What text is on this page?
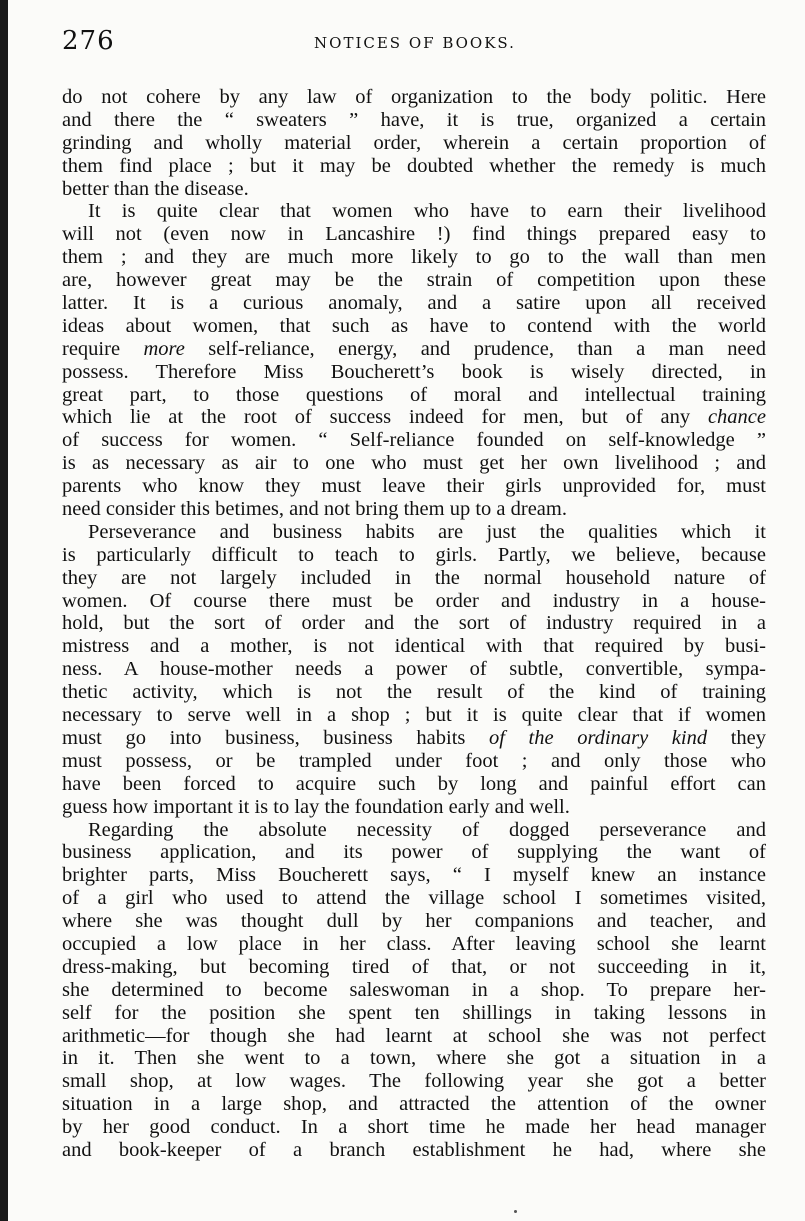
276	NOTICES OF BOOKS.
do not cohere by any law of organization to the body politic. Here
and there the “ sweaters ” have, it is true, organized a certain
grinding and wholly material order, wherein a certain proportion of
them find place ; but it may be doubted whether the remedy is much
better than the disease.
It is quite clear that women who have to earn their livelihood
will not (even now in Lancashire !) find things prepared easy to
them ; and they are much more likely to go to the wall than men
are, however great may be the strain of competition upon these
latter. It is a curious anomaly, and a satire upon all received
ideas about women, that such as have to contend with the world
require more self-reliance, energy, and prudence, than a man need
possess. Therefore Miss Boucherett’s book is wisely directed, in
great part, to those questions of moral and intellectual training
which lie at the root of success indeed for men, but of any chance
of success for women. “ Self-reliance founded on self-knowledge ”
is as necessary as air to one who must get her own livelihood ; and
parents who know they must leave their girls unprovided for, must
need consider this betimes, and not bring them up to a dream.
Perseverance and business habits are just the qualities which it
is particularly difficult to teach to girls. Partly, we believe, because
they are not largely included in the normal household nature of
women. Of course there must be order and industry in a house-
hold, but the sort of order and the sort of industry required in a
mistress and a mother, is not identical with that required by busi-
ness. A house-mother needs a power of subtle, convertible, sympa-
thetic activity, which is not the result of the kind of training
necessary to serve well in a shop ; but it is quite clear that if women
must go into business, business habits of the ordinary kind they
must possess, or be trampled under foot ; and only those who
have been forced to acquire such by long and painful effort can
guess how important it is to lay the foundation early and well.
Regarding the absolute necessity of dogged perseverance and
business application, and its power of supplying the want of
brighter parts, Miss Boucherett says, “ I myself knew an instance
of a girl who used to attend the village school I sometimes visited,
where she was thought dull by her companions and teacher, and
occupied a low place in her class. After leaving school she learnt
dress-making, but becoming tired of that, or not succeeding in it,
she determined to become saleswoman in a shop. To prepare her-
self for the position she spent ten shillings in taking lessons in
arithmetic—for though she had learnt at school she was not perfect
in it. Then she went to a town, where she got a situation in a
small shop, at low wages. The following year she got a better
situation in a large shop, and attracted the attention of the owner
by her good conduct. In a short time he made her head manager
and book-keeper of a branch establishment he had, where she
